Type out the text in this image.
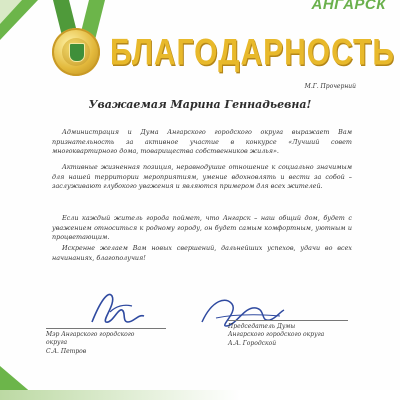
АНГАРСК
БЛАГОДАРНОСТЬ
М.Г. Прочерний
Уважаемая Марина Геннадьевна!
Администрация и Дума Ангарского городского округа выражает Вам признательность за активное участие в конкурсе «Лучший совет многоквартирного дома, товарищества собственников жилья».
Активные жизненная позиция, неравнодушие отношение к социально значимым для нашей территории мероприятиям, умение вдохновлять и вести за собой – заслуживают глубокого уважения и являются примером для всех жителей.
Если каждый житель города поймет, что Ангарск – наш общий дом, будет с уважением относиться к родному городу, он будет самым комфортным, уютным и процветающим.
Искренне желаем Вам новых свершений, дальнейших успехов, удачи во всех начинаниях, благополучия!
Мэр Ангарского городского
округа
С.А. Петров
Председатель Думы
Ангарского городского округа
А.А. Городской
